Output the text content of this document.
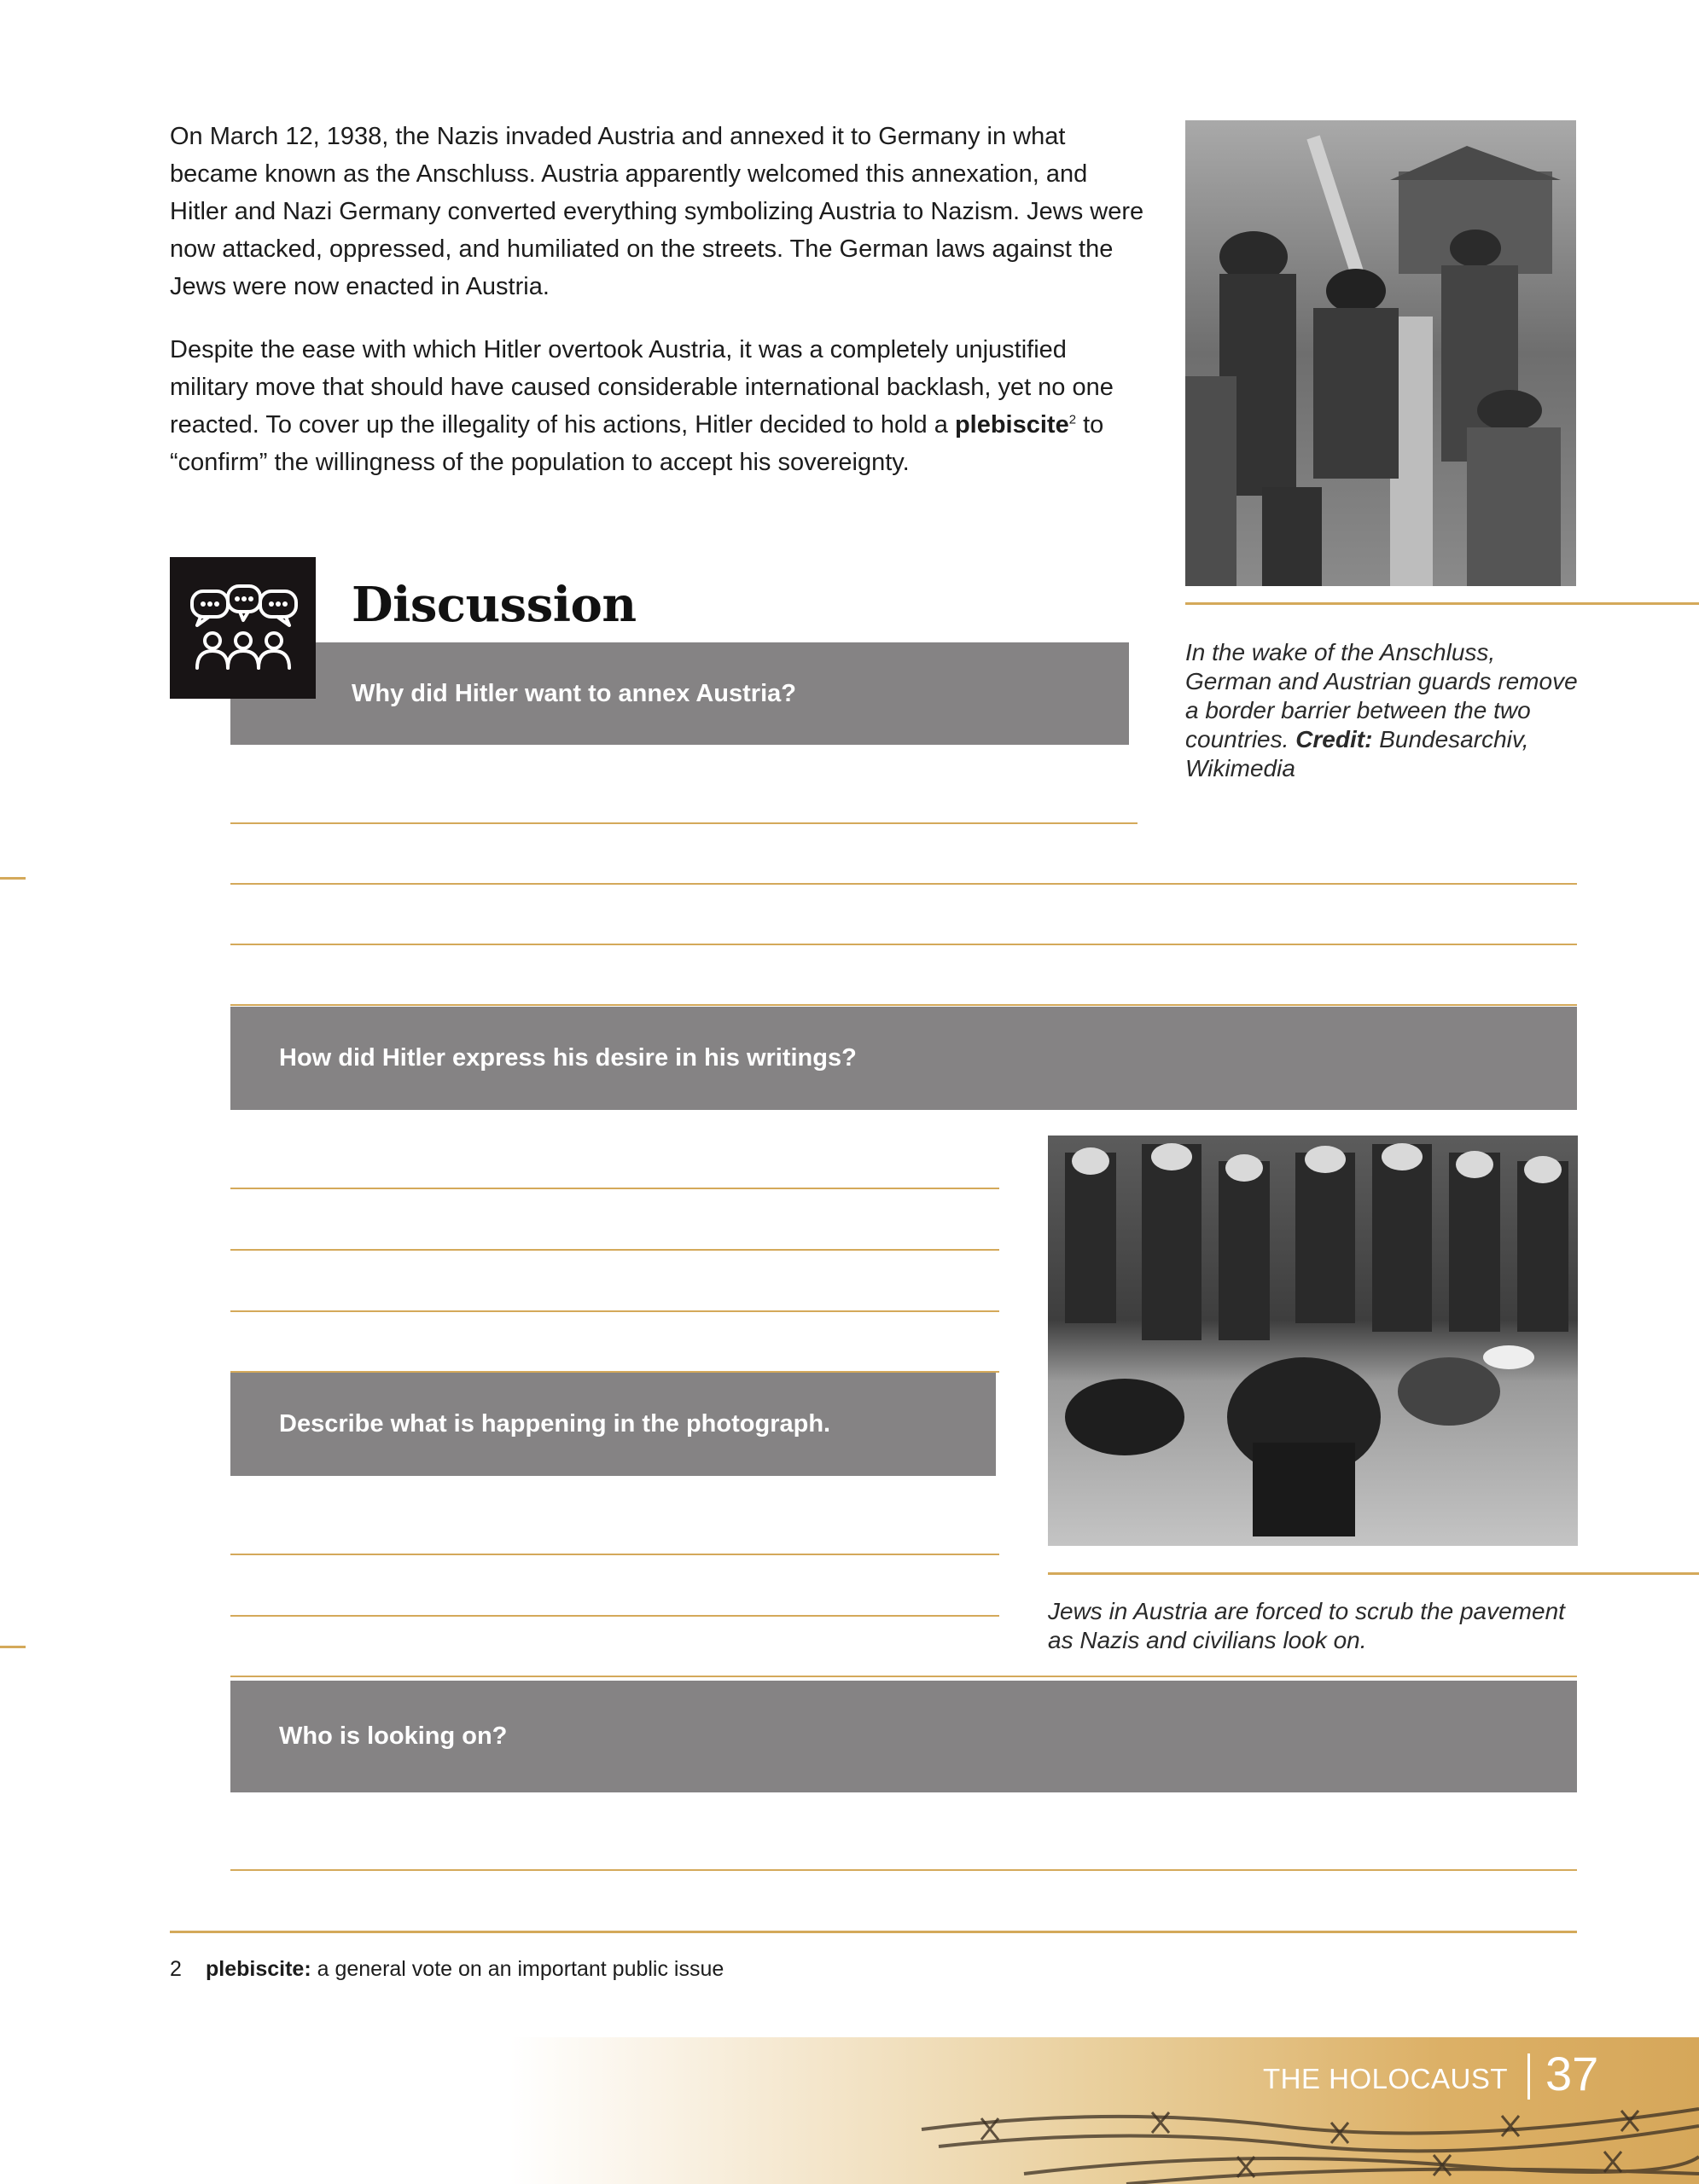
On March 12, 1938, the Nazis invaded Austria and annexed it to Germany in what became known as the Anschluss. Austria apparently welcomed this annexation, and Hitler and Nazi Germany converted everything symbolizing Austria to Nazism. Jews were now attacked, oppressed, and humiliated on the streets. The German laws against the Jews were now enacted in Austria.

Despite the ease with which Hitler overtook Austria, it was a completely unjustified military move that should have caused considerable international backlash, yet no one reacted. To cover up the illegality of his actions, Hitler decided to hold a plebiscite$^2$ to “confirm” the willingness of the population to accept his sovereignty.

In the wake of the Anschluss, German and Austrian guards remove a border barrier between the two countries. Credit: Bundesarchiv, Wikimedia

Why did Hitler want to annex Austria?
Discussion
How did Hitler express his desire in his writings?

Jews in Austria are forced to scrub the pavement as Nazis and civilians look on.

Describe what is happening in the photograph.
Who is looking on?

2 plebiscite: a general vote on an important public issue

THE HOLOCAUST 37
